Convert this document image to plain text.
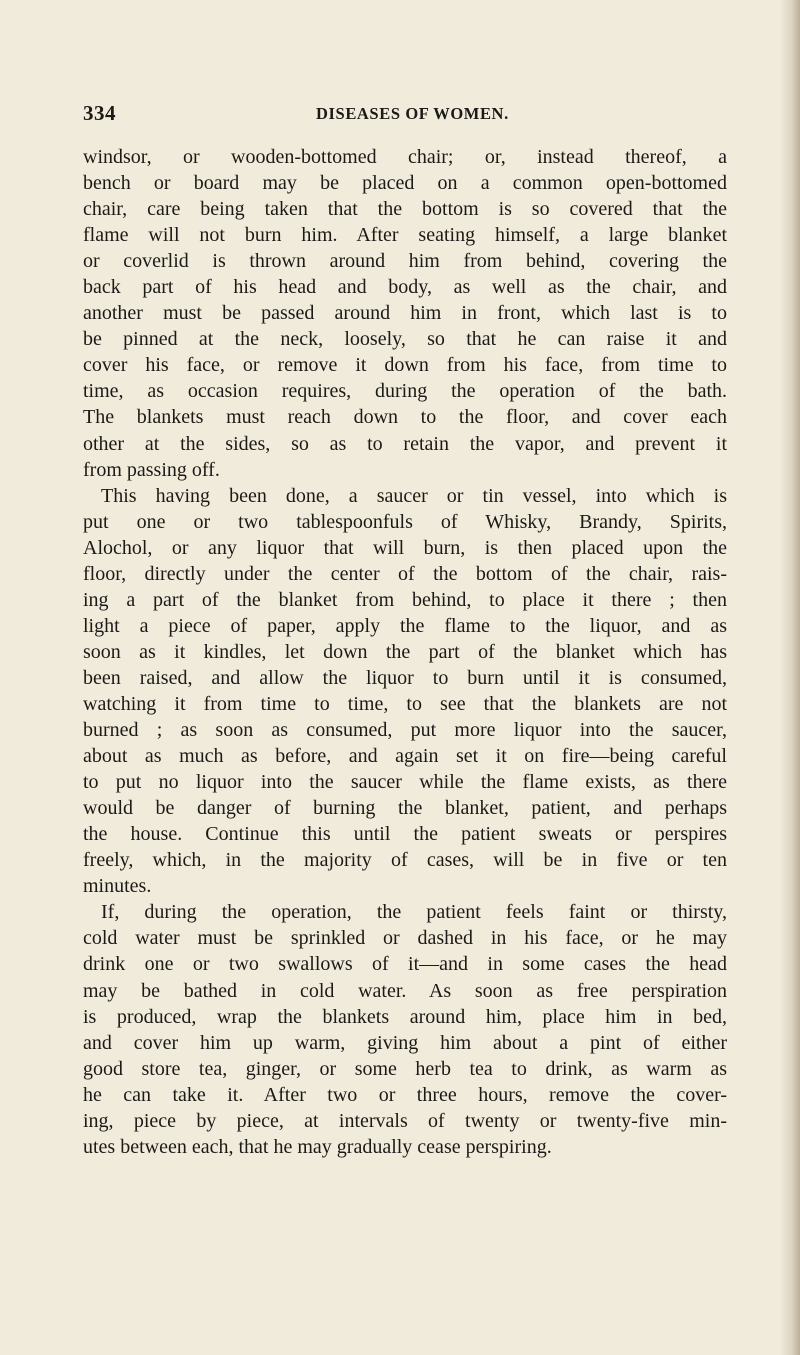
334	DISEASES OF WOMEN.
windsor, or wooden-bottomed chair; or, instead thereof, a
bench or board may be placed on a common open-bottomed
chair, care being taken that the bottom is so covered that the
flame will not burn him. After seating himself, a large blanket
or coverlid is thrown around him from behind, covering the
back part of his head and body, as well as the chair, and
another must be passed around him in front, which last is to
be pinned at the neck, loosely, so that he can raise it and
cover his face, or remove it down from his face, from time to
time, as occasion requires, during the operation of the bath.
The blankets must reach down to the floor, and cover each
other at the sides, so as to retain the vapor, and prevent it
from passing off.
This having been done, a saucer or tin vessel, into which is
put one or two tablespoonfuls of Whisky, Brandy, Spirits,
Alochol, or any liquor that will burn, is then placed upon the
floor, directly under the center of the bottom of the chair, rais-
ing a part of the blanket from behind, to place it there ; then
light a piece of paper, apply the flame to the liquor, and as
soon as it kindles, let down the part of the blanket which has
been raised, and allow the liquor to burn until it is consumed,
watching it from time to time, to see that the blankets are not
burned ; as soon as consumed, put more liquor into the saucer,
about as much as before, and again set it on fire—being careful
to put no liquor into the saucer while the flame exists, as there
would be danger of burning the blanket, patient, and perhaps
the house. Continue this until the patient sweats or perspires
freely, which, in the majority of cases, will be in five or ten
minutes.
If, during the operation, the patient feels faint or thirsty,
cold water must be sprinkled or dashed in his face, or he may
drink one or two swallows of it—and in some cases the head
may be bathed in cold water. As soon as free perspiration
is produced, wrap the blankets around him, place him in bed,
and cover him up warm, giving him about a pint of either
good store tea, ginger, or some herb tea to drink, as warm as
he can take it. After two or three hours, remove the cover-
ing, piece by piece, at intervals of twenty or twenty-five min-
utes between each, that he may gradually cease perspiring.
